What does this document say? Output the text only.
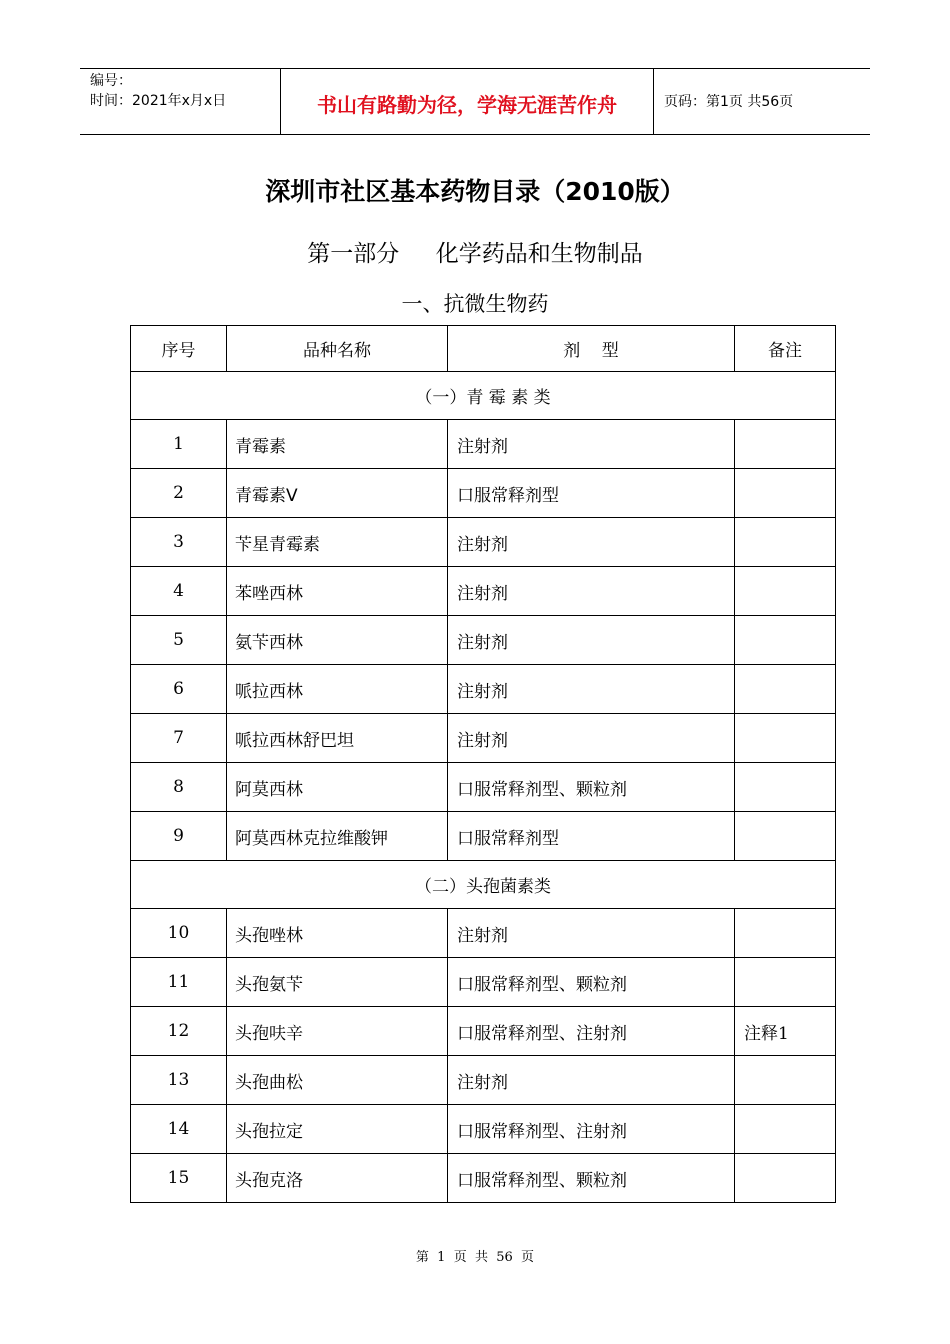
编号：
时间：2021年x月x日	书山有路勤为径，学海无涯苦作舟	页码：第1页 共56页
深圳市社区基本药物目录（2010版）
第一部分     化学药品和生物制品
一、抗微生物药
序号	品种名称	剂    型	备注
（一）青 霉 素 类			
1	青霉素	注射剂	
2	青霉素V	口服常释剂型	
3	苄星青霉素	注射剂	
4	苯唑西林	注射剂	
5	氨苄西林	注射剂	
6	哌拉西林	注射剂	
7	哌拉西林舒巴坦	注射剂	
8	阿莫西林	口服常释剂型、颗粒剂	
9	阿莫西林克拉维酸钾	口服常释剂型	
（二）头孢菌素类			
10	头孢唑林	注射剂	
11	头孢氨苄	口服常释剂型、颗粒剂	
12	头孢呋辛	口服常释剂型、注射剂	注释1
13	头孢曲松	注射剂	
14	头孢拉定	口服常释剂型、注射剂	
15	头孢克洛	口服常释剂型、颗粒剂	
第  1  页  共  56  页
